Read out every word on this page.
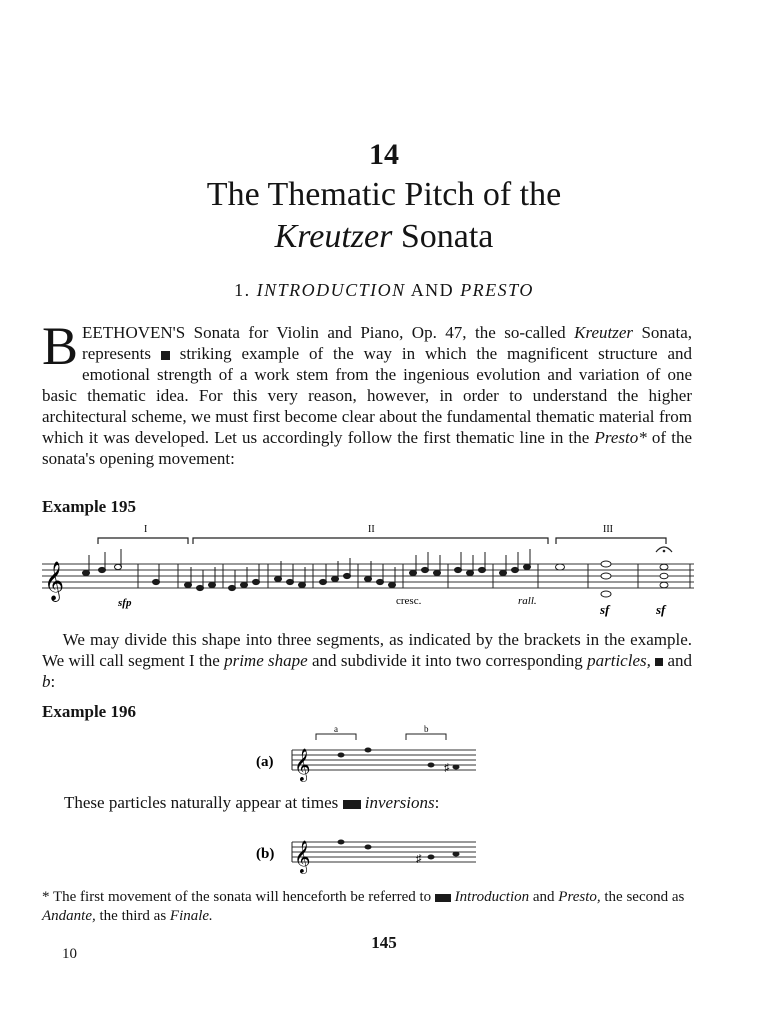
14
The Thematic Pitch of the
Kreutzer Sonata
1. INTRODUCTION AND PRESTO
BEETHOVEN'S Sonata for Violin and Piano, Op. 47, the so-called Kreutzer Sonata, represents  striking example of the way in which the magnificent structure and emotional strength of a work stem from the ingenious evolution and variation of one basic thematic idea. For this very reason, however, in order to understand the higher architectural scheme, we must first become clear about the fundamental thematic material from which it was developed. Let us accordingly follow the first thematic line in the Presto* of the sonata's opening movement:
Example 195
I	II	III
𝄞
sfp	cresc.	rall.
sf	sf
We may divide this shape into three segments, as indicated by the brackets in the example. We will call segment I the prime shape and subdivide it into two corresponding particles,  and b:
Example 196
(a)
a	b
𝄞	♯
These particles naturally appear at times  inversions:
(b) 𝄞	♯
* The first movement of the sonata will henceforth be referred to  Introduction and Presto, the second as Andante, the third as Finale.
10
145
